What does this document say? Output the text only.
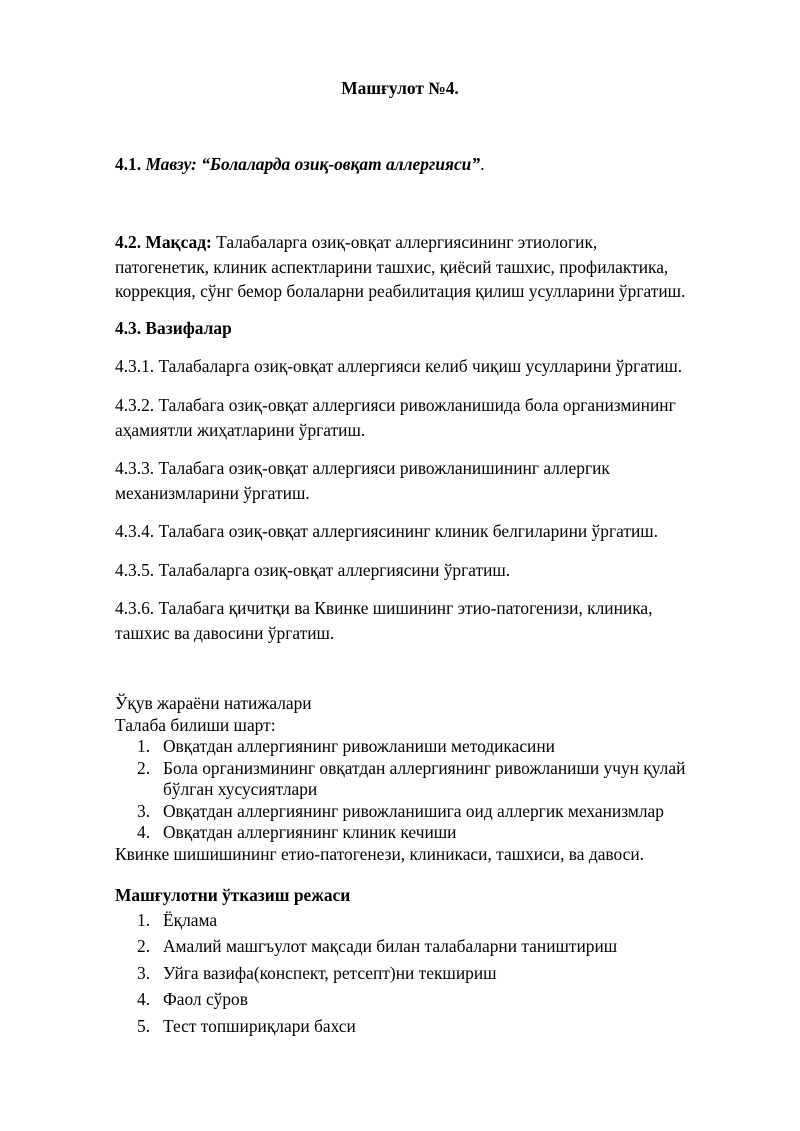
Машғулот №4.
4.1. Мавзу: “Болаларда озиқ-овқат аллергияси”.
4.2. Мақсад: Талабаларга озиқ-овқат аллергиясининг этиологик,
патогенетик, клиник аспектларини ташхис, қиёсий ташхис, профилактика,
коррекция, сўнг бемор болаларни реабилитация қилиш усулларини ўргатиш.
4.3. Вазифалар
4.3.1. Талабаларга озиқ-овқат аллергияси келиб чиқиш усулларини ўргатиш.
4.3.2. Талабага озиқ-овқат аллергияси ривожланишида бола организмининг
аҳамиятли жиҳатларини ўргатиш.
4.3.3. Талабага озиқ-овқат аллергияси ривожланишининг аллергик
механизмларини ўргатиш.
4.3.4. Талабага озиқ-овқат аллергиясининг клиник белгиларини ўргатиш.
4.3.5. Талабаларга озиқ-овқат аллергиясини ўргатиш.
4.3.6. Талабага қичитқи ва Квинке шишининг этио-патогенизи, клиника,
ташхис ва давосини ўргатиш.
Ўқув жараёни натижалари
Талаба билиши шарт:
1. Овқатдан аллергиянинг ривожланиши методикасини
2. Бола организмининг овқатдан аллергиянинг ривожланиши учун қулай
бўлган хусусиятлари
3. Овқатдан аллергиянинг ривожланишига оид аллергик механизмлар
4. Овқатдан аллергиянинг клиник кечиши
Квинке шишишининг етио-патогенези, клиникаси, ташхиси, ва давоси.
Машғулотни ўтказиш режаси
1. Ёқлама
2. Амалий машгъулот мақсади билан талабаларни таништириш
3. Уйга вазифа(конспект, ретсепт)ни текшириш
4. Фаол сўров
5. Тест топшириқлари бахси
